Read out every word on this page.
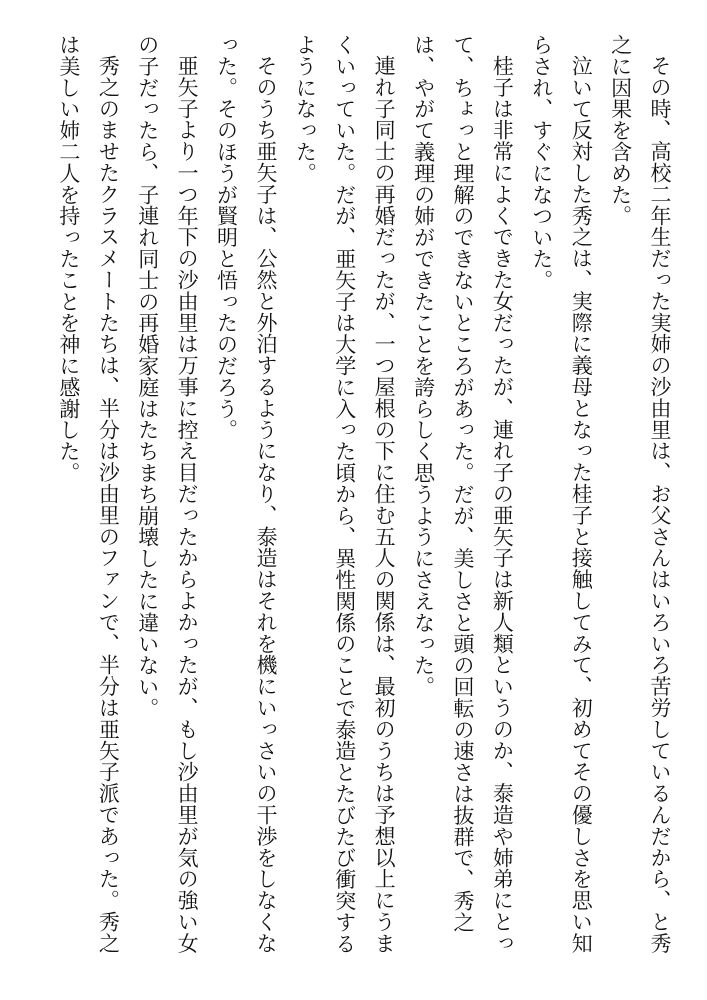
その時、高校二年生だった実姉の沙由里は、お父さんはいろいろ苦労しているんだから、と秀之に因果を含めた。

泣いて反対した秀之は、実際に義母となった桂子と接触してみて、初めてその優しさを思い知らされ、すぐになついた。

桂子は非常によくできた女だったが、連れ子の亜矢子は新人類というのか、泰造や姉弟にとって、ちょっと理解のできないところがあった。だが、美しさと頭の回転の速さは抜群で、秀之は、やがて義理の姉ができたことを誇らしく思うようにさえなった。

連れ子同士の再婚だったが、一つ屋根の下に住む五人の関係は、最初のうちは予想以上にうまくいっていた。だが、亜矢子は大学に入った頃から、異性関係のことで泰造とたびたび衝突するようになった。

そのうち亜矢子は、公然と外泊するようになり、泰造はそれを機にいっさいの干渉をしなくなった。そのほうが賢明と悟ったのだろう。

亜矢子より一つ年下の沙由里は万事に控え目だったからよかったが、もし沙由里が気の強い女の子だったら、子連れ同士の再婚家庭はたちまち崩壊したに違いない。

秀之のませたクラスメートたちは、半分は沙由里のファンで、半分は亜矢子派であった。秀之は美しい姉二人を持ったことを神に感謝した。
